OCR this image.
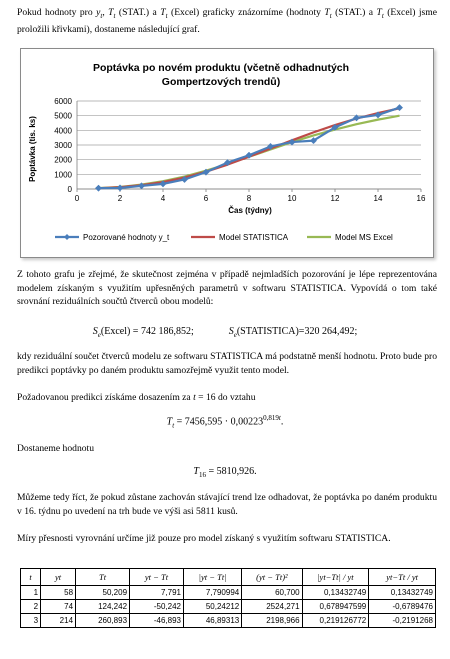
Pokud hodnoty pro $y_t$, $T_t$ (STAT.) a $T_t$ (Excel) graficky znázorníme (hodnoty $T_t$ (STAT.) a $T_t$ (Excel) jsme proložili křivkami), dostaneme následující graf.

Poptávka po novém produktu (včetně odhadnutých
Gompertzových trendů)
Poptávka (tis. ks)
Čas (týdny)
0
1000
2000
3000
4000
5000
6000
0	2	4	6	8	10	12	14	16
Pozorované hodnoty y_t	Model STATISTICA	Model MS Excel

Z tohoto grafu je zřejmé, že skutečnost zejména v případě nejmladších pozorování je lépe reprezentována modelem získaným s využitím upřesněných parametrů v softwaru STATISTICA. Vypovídá o tom také srovnání reziduálních součtů čtverců obou modelů:

$S_e(Excel) = 742$ 186,852;	$S_e(STATISTICA)=320$ 264,492;

kdy reziduální součet čtverců modelu ze softwaru STATISTICA má podstatně menší hodnotu. Proto bude pro predikci poptávky po daném produktu samozřejmě využit tento model.

Požadovanou predikci získáme dosazením za t = 16 do vztahu

$T_t = 7456,595 \cdot 0,00223^{0,819t}$.

Dostaneme hodnotu

$T_{16} = 5810,926$.

Můžeme tedy říct, že pokud zůstane zachován stávající trend lze odhadovat, že poptávka po daném produktu v 16. týdnu po uvedení na trh bude ve výši asi 5811 kusů.

Míry přesnosti vyrovnání určíme již pouze pro model získaný s využitím softwaru STATISTICA.

t	yt	Tt	yt − Tt	|yt − Tt|	(yt − Tt)²	|yt−Tt| / yt	yt−Tt / yt
1	58	50,209	7,791	7,790994	60,700	0,13432749	0,13432749
2	74	124,242	-50,242	50,24212	2524,271	0,678947599	-0,6789476
3	214	260,893	-46,893	46,89313	2198,966	0,219126772	-0,2191268
